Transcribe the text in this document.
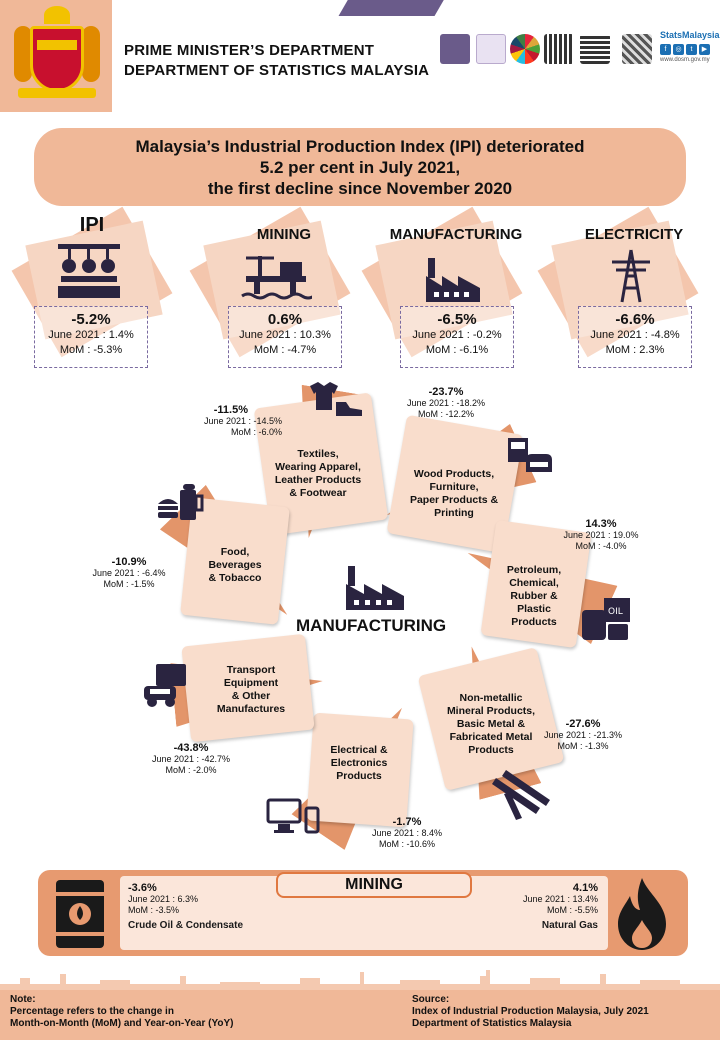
PRIME MINISTER’S DEPARTMENT
DEPARTMENT OF STATISTICS MALAYSIA
StatsMalaysia
f	◎	t	▶
www.dosm.gov.my
Malaysia’s Industrial Production Index (IPI) deteriorated
5.2 per cent in July 2021,
the first decline since November 2020
IPI
-5.2%
June 2021 : 1.4%
MoM : -5.3%
MINING
0.6%
June 2021 : 10.3%
MoM : -4.7%
MANUFACTURING
-6.5%
June 2021 : -0.2%
MoM : -6.1%
ELECTRICITY
-6.6%
June 2021 : -4.8%
MoM : 2.3%
MANUFACTURING
Textiles,
Wearing Apparel,
Leather Products
& Footwear
Wood Products,
Furniture,
Paper Products &
Printing
Petroleum,
Chemical,
Rubber &
Plastic
Products
Non-metallic
Mineral Products,
Basic Metal &
Fabricated Metal
Products
Electrical &
Electronics
Products
Transport
Equipment
& Other
Manufactures
Food,
Beverages
& Tobacco
-11.5%
June 2021 : -14.5%
MoM : -6.0%
-23.7%
June 2021 : -18.2%
MoM : -12.2%
14.3%
June 2021 : 19.0%
MoM : -4.0%
-27.6%
June 2021 : -21.3%
MoM : -1.3%
-1.7%
June 2021 : 8.4%
MoM : -10.6%
-43.8%
June 2021 : -42.7%
MoM : -2.0%
-10.9%
June 2021 : -6.4%
MoM : -1.5%
OIL
MINING
-3.6%
June 2021 : 6.3%
MoM : -3.5%
Crude Oil & Condensate
4.1%
June 2021 : 13.4%
MoM : -5.5%
Natural Gas
Note:
Percentage refers to the change in
Month-on-Month (MoM) and Year-on-Year (YoY)
Source:
Index of Industrial Production Malaysia, July 2021
Department of Statistics Malaysia
